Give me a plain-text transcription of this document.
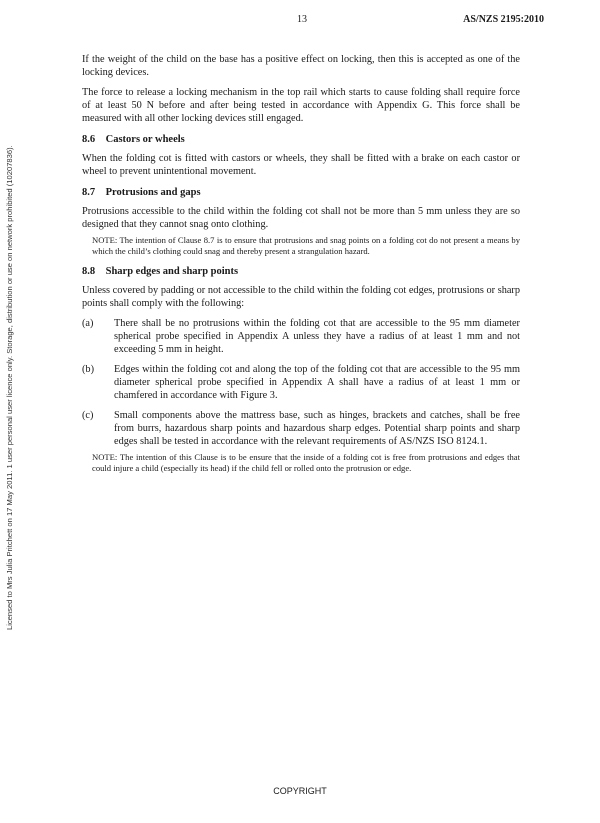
13	AS/NZS 2195:2010
Licensed to Mrs Julia Pritchett on 17 May 2011. 1 user personal user licence only. Storage, distribution or use on network prohibited (10207836).

If the weight of the child on the base has a positive effect on locking, then this is accepted as one of the locking devices.

The force to release a locking mechanism in the top rail which starts to cause folding shall require force of at least 50 N before and after being tested in accordance with Appendix G. This force shall be measured with all other locking devices still engaged.

8.6 Castors or wheels

When the folding cot is fitted with castors or wheels, they shall be fitted with a brake on each castor or wheel to prevent unintentional movement.

8.7 Protrusions and gaps

Protrusions accessible to the child within the folding cot shall not be more than 5 mm unless they are so designed that they cannot snag onto clothing.

NOTE: The intention of Clause 8.7 is to ensure that protrusions and snag points on a folding cot do not present a means by which the child’s clothing could snag and thereby present a strangulation hazard.
8.8 Sharp edges and sharp points

Unless covered by padding or not accessible to the child within the folding cot edges, protrusions or sharp points shall comply with the following:

(a) There shall be no protrusions within the folding cot that are accessible to the 95 mm diameter spherical probe specified in Appendix A unless they have a radius of at least 1 mm and not exceeding 5 mm in height.
(b) Edges within the folding cot and along the top of the folding cot that are accessible to the 95 mm diameter spherical probe specified in Appendix A shall have a radius of at least 1 mm or chamfered in accordance with Figure 3.
(c) Small components above the mattress base, such as hinges, brackets and catches, shall be free from burrs, hazardous sharp points and hazardous sharp edges. Potential sharp points and sharp edges shall be tested in accordance with the relevant requirements of AS/NZS ISO 8124.1.
NOTE: The intention of this Clause is to be ensure that the inside of a folding cot is free from protrusions and edges that could injure a child (especially its head) if the child fell or rolled onto the protrusion or edge.
COPYRIGHT
